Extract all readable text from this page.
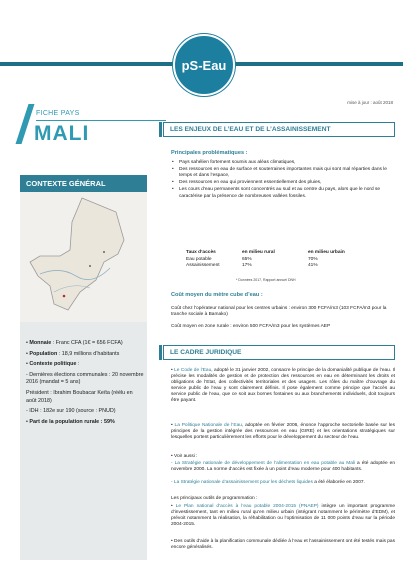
pS-Eau
mise à jour : août 2018
FICHE PAYS
MALI
CONTEXTE GÉNÉRAL

• Monnaie : Franc CFA (1€ = 656 FCFA)

• Population : 18,9 millions d’habitants

• Contexte politique :

- Dernières élections communales : 20 novembre 2016 (mandat = 5 ans)

Président : Ibrahim Boubacar Keïta (réélu en août 2018)

- IDH : 182e sur 190 (source : PNUD)

• Part de la population rurale : 59%

LES ENJEUX DE L’EAU ET DE L’ASSAINISSEMENT
Principales problématiques :
• Pays sahélien fortement soumis aux aléas climatiques,
• Des ressources en eau de surface et souterraines importantes mais qui sont mal réparties dans le temps et dans l’espace,
• Des ressources en eau qui proviennent essentiellement des pluies,
• Les cours d’eau permanents sont concentrés au sud et au centre du pays, alors que le nord se caractérise par la présence de nombreuses vallées fossiles.
Taux d’accès	en milieu rural	en milieu urbain
Eau potable	65%	70%
Assainissement	17%	41%
* Données 2017, Rapport annuel DNH
Coût moyen du mètre cube d’eau :

Coût chez l’opérateur national pour les centres urbains : environ 300 FCFA/m3 (103 FCFA/m3 pour la tranche sociale à Bamako)

Coût moyen en zone rurale : environ 500 FCFA/m3 pour les systèmes AEP

LE CADRE JURIDIQUE

• Le Code de l’Eau, adopté le 31 janvier 2002, consacre le principe de la domanialité publique de l’eau. Il précise les modalités de gestion et de protection des ressources en eau en déterminant les droits et obligations de l’Etat, des collectivités territoriales et des usagers. Les rôles du maître d’ouvrage du service public de l’eau y sont clairement définis. Il pose également comme principe que l’accès au service public de l’eau, que ce soit aux bornes fontaines ou aux branchements individuels, doit toujours être payant.

• La Politique Nationale de l’Eau, adoptée en février 2006, énonce l’approche sectorielle basée sur les principes de la gestion intégrée des ressources en eau (GIRE) et les orientations stratégiques sur lesquelles portent particulièrement les efforts pour le développement du secteur de l’eau.

• Voir aussi :

- La Stratégie nationale de développement de l’alimentation en eau potable au Mali a été adoptée en novembre 2000. La norme d’accès est fixée à un point d’eau moderne pour 400 habitants.

- La Stratégie nationale d’assainissement pour les déchets liquides a été élaborée en 2007.

Les principaux outils de programmation :

• Le Plan national d’accès à l’eau potable 2004-2015 (PNAEP) intègre un important programme d’investissement, tant en milieu rural qu’en milieu urbain (intégrant notamment le périmètre d’EDM), et prévoit notamment la réalisation, la réhabilitation ou l’optimisation de 11 000 points d’eau sur la période 2004-2015.

• Des outils d’aide à la planification communale dédiée à l’eau et l’assainissement ont été testés mais pas encore généralisés.
